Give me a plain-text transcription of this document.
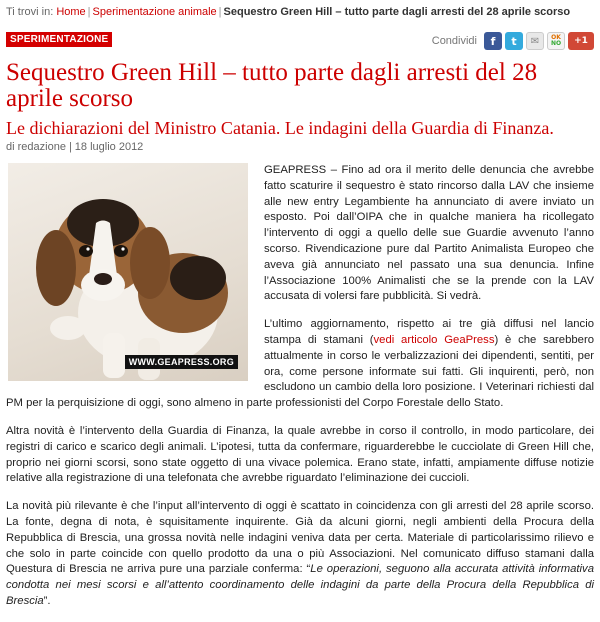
Ti trovi in: Home | Sperimentazione animale | Sequestro Green Hill – tutto parte dagli arresti del 28 aprile scorso
SPERIMENTAZIONE	Condividi f t ✉ OK
NO +1
Sequestro Green Hill – tutto parte dagli arresti del 28 aprile scorso
Le dichiarazioni del Ministro Catania. Le indagini della Guardia di Finanza.
di redazione | 18 luglio 2012

GEAPRESS – Fino ad ora il merito delle denuncia che avrebbe fatto scaturire il sequestro è stato rincorso dalla LAV che insieme alle new entry Legambiente ha annunciato di avere inviato un esposto. Poi dall’OIPA che in qualche maniera ha ricollegato l’intervento di oggi a quello delle sue Guardie avvenuto l’anno scorso. Rivendicazione pure dal Partito Animalista Europeo che aveva già annunciato nel passato una sua denuncia. Infine l’Associazione 100% Animalisti che se la prende con la LAV accusata di volersi fare pubblicità. Si vedrà.

L’ultimo aggiornamento, rispetto ai tre già diffusi nel lancio stampa di stamani (vedi articolo GeaPress) è che sarebbero attualmente in corso le verbalizzazioni dei dipendenti, sentiti, per ora, come persone informate sui fatti. Gli inquirenti, però, non escludono un cambio della loro posizione. I Veterinari richiesti dal PM per la perquisizione di oggi, sono almeno in parte professionisti del Corpo Forestale dello Stato.

Altra novità è l’intervento della Guardia di Finanza, la quale avrebbe in corso il controllo, in modo particolare, dei registri di carico e scarico degli animali. L’ipotesi, tutta da confermare, riguarderebbe le cucciolate di Green Hill che, proprio nei giorni scorsi, sono state oggetto di una vivace polemica. Erano state, infatti, ampiamente diffuse notizie relative alla registrazione di una telefonata che avrebbe riguardato l’eliminazione dei cuccioli.

La novità più rilevante è che l’input all’intervento di oggi è scattato in coincidenza con gli arresti del 28 aprile scorso. La fonte, degna di nota, è squisitamente inquirente. Già da alcuni giorni, negli ambienti della Procura della Repubblica di Brescia, una grossa novità nelle indagini veniva data per certa. Materiale di particolarissimo rilievo e che solo in parte coincide con quello prodotto da una o più Associazioni. Nel comunicato diffuso stamani dalla Questura di Brescia ne arriva pure una parziale conferma: “Le operazioni, seguono alla accurata attività informativa condotta nei mesi scorsi e all’attento coordinamento delle indagini da parte della Procura della Repubblica di Brescia”.

WWW.GEAPRESS.ORG
